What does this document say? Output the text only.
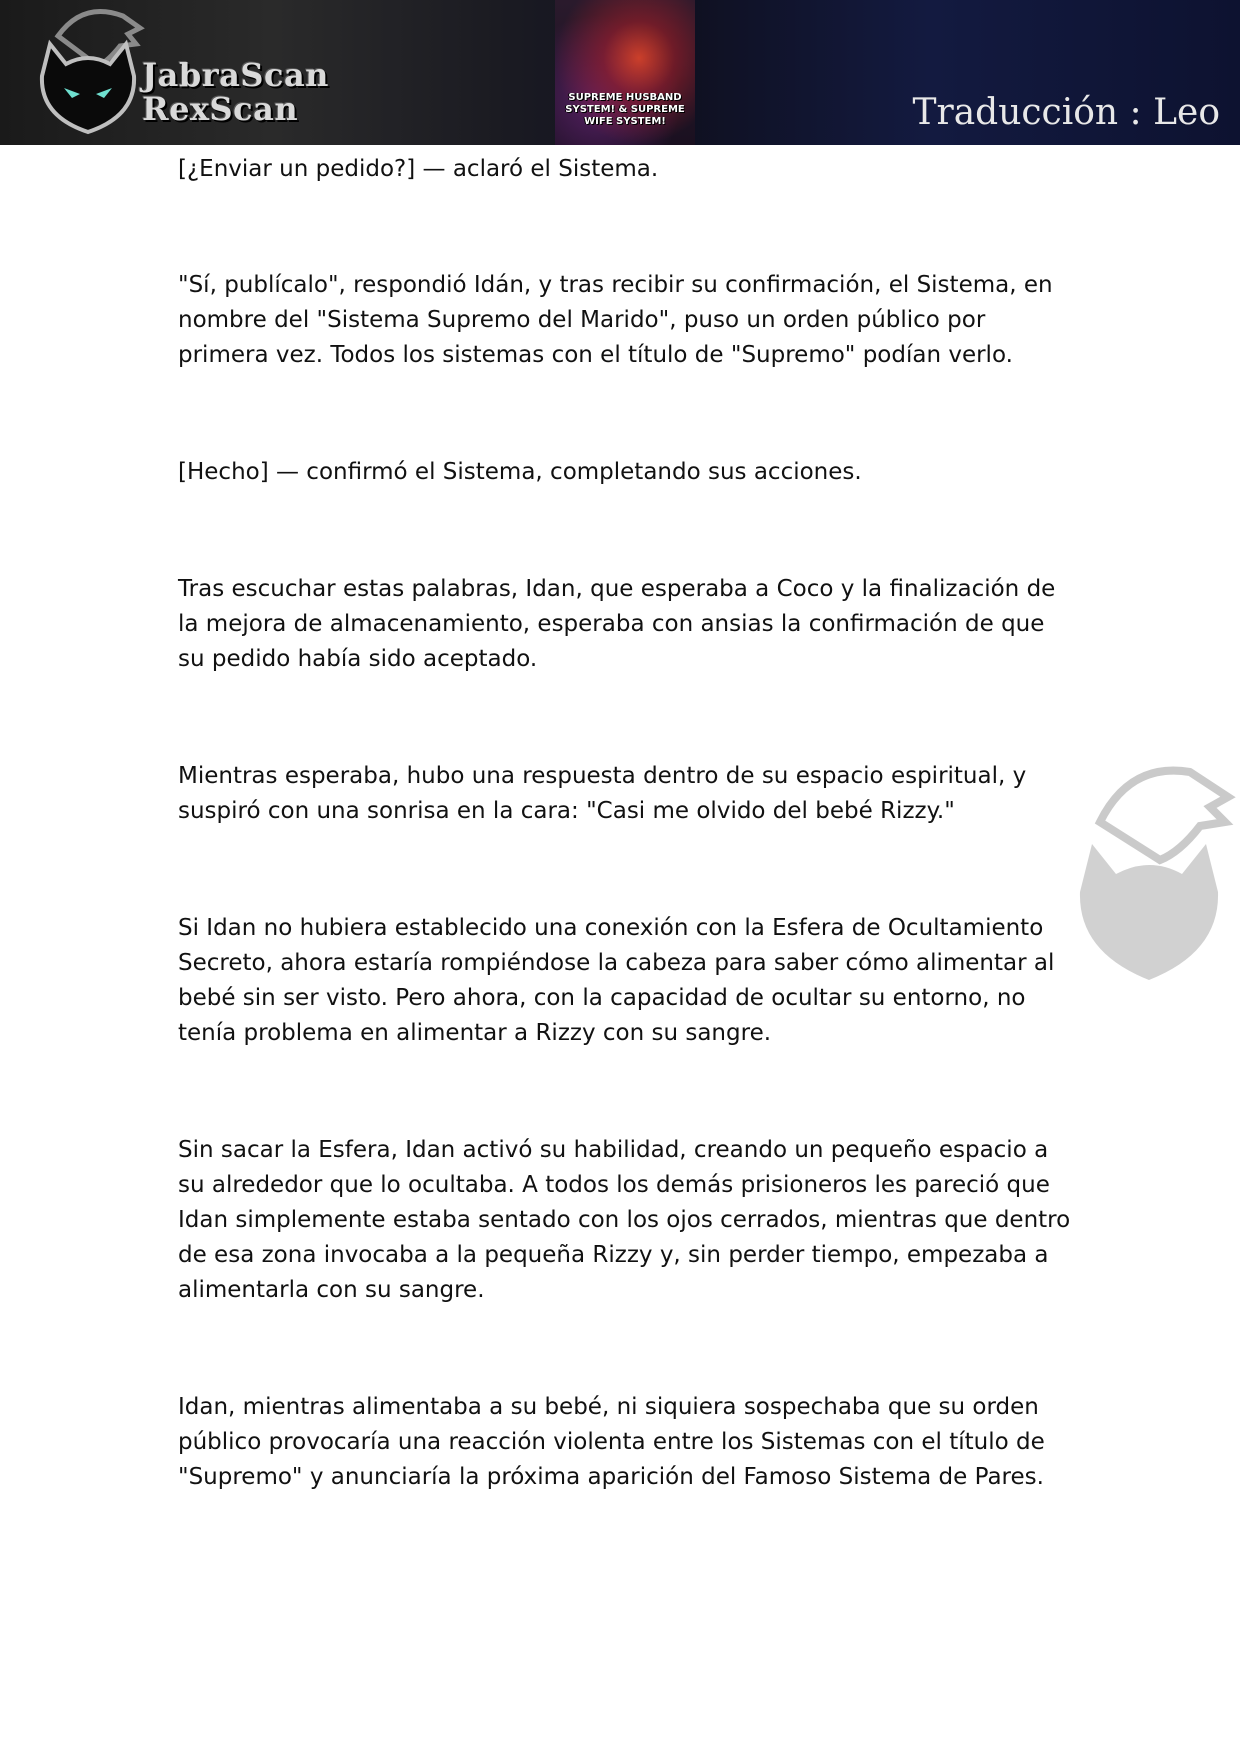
JabraScan
RexScan	SUPREME HUSBAND SYSTEM! & SUPREME WIFE SYSTEM!	Traducción : Leo

[¿Enviar un pedido?] — aclaró el Sistema.

"Sí, publícalo", respondió Idán, y tras recibir su confirmación, el Sistema, en nombre del "Sistema Supremo del Marido", puso un orden público por primera vez. Todos los sistemas con el título de "Supremo" podían verlo.

[Hecho] — confirmó el Sistema, completando sus acciones.

Tras escuchar estas palabras, Idan, que esperaba a Coco y la finalización de la mejora de almacenamiento, esperaba con ansias la confirmación de que su pedido había sido aceptado.

Mientras esperaba, hubo una respuesta dentro de su espacio espiritual, y suspiró con una sonrisa en la cara: "Casi me olvido del bebé Rizzy."

Si Idan no hubiera establecido una conexión con la Esfera de Ocultamiento Secreto, ahora estaría rompiéndose la cabeza para saber cómo alimentar al bebé sin ser visto. Pero ahora, con la capacidad de ocultar su entorno, no tenía problema en alimentar a Rizzy con su sangre.

Sin sacar la Esfera, Idan activó su habilidad, creando un pequeño espacio a su alrededor que lo ocultaba. A todos los demás prisioneros les pareció que Idan simplemente estaba sentado con los ojos cerrados, mientras que dentro de esa zona invocaba a la pequeña Rizzy y, sin perder tiempo, empezaba a alimentarla con su sangre.

Idan, mientras alimentaba a su bebé, ni siquiera sospechaba que su orden público provocaría una reacción violenta entre los Sistemas con el título de "Supremo" y anunciaría la próxima aparición del Famoso Sistema de Pares.
